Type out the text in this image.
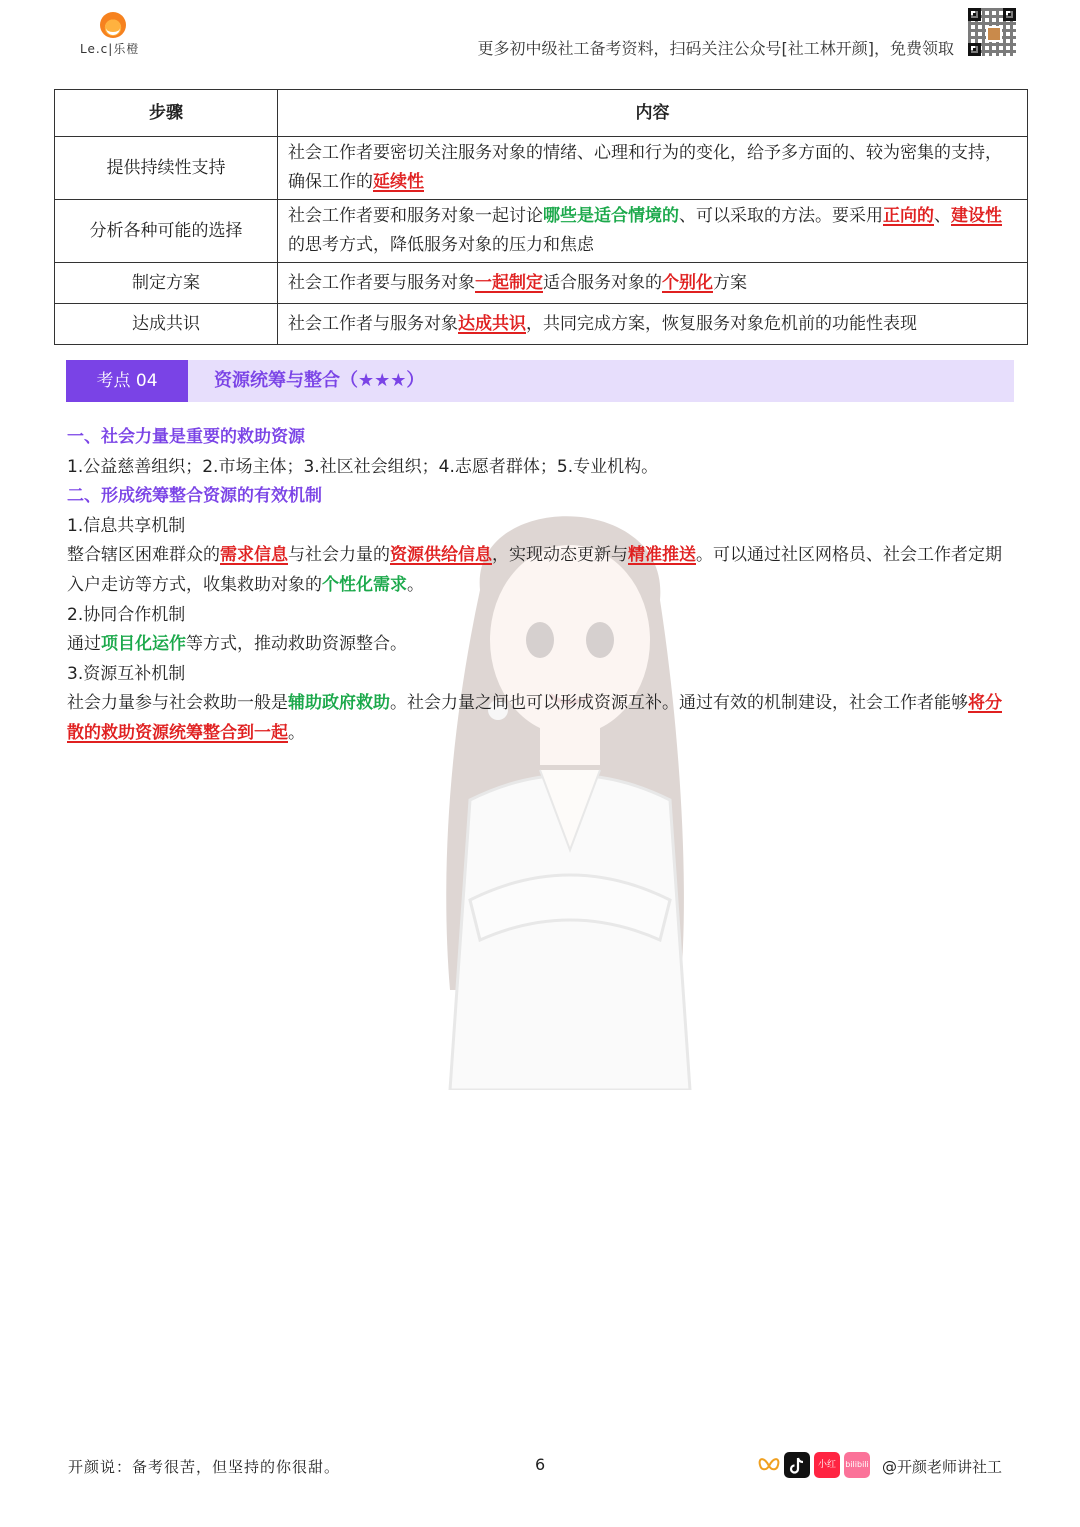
Le.c|乐橙	更多初中级社工备考资料，扫码关注公众号[社工林开颜]，免费领取
步骤	内容
提供持续性支持	社会工作者要密切关注服务对象的情绪、心理和行为的变化，给予多方面的、较为密集的支持，确保工作的延续性
分析各种可能的选择	社会工作者要和服务对象一起讨论哪些是适合情境的、可以采取的方法。要采用正向的、建设性的思考方式，降低服务对象的压力和焦虑
制定方案	社会工作者要与服务对象一起制定适合服务对象的个别化方案
达成共识	社会工作者与服务对象达成共识，共同完成方案，恢复服务对象危机前的功能性表现
考点 04	资源统筹与整合（★★★）

一、社会力量是重要的救助资源

1.公益慈善组织；2.市场主体；3.社区社会组织；4.志愿者群体；5.专业机构。

二、形成统筹整合资源的有效机制

1.信息共享机制

整合辖区困难群众的需求信息与社会力量的资源供给信息，实现动态更新与精准推送。可以通过社区网格员、社会工作者定期入户走访等方式，收集救助对象的个性化需求。

2.协同合作机制

通过项目化运作等方式，推动救助资源整合。

3.资源互补机制

社会力量参与社会救助一般是辅助政府救助。社会力量之间也可以形成资源互补。通过有效的机制建设，社会工作者能够将分散的救助资源统筹整合到一起。

开颜说：备考很苦，但坚持的你很甜。	6	小红书
bilibili @开颜老师讲社工
